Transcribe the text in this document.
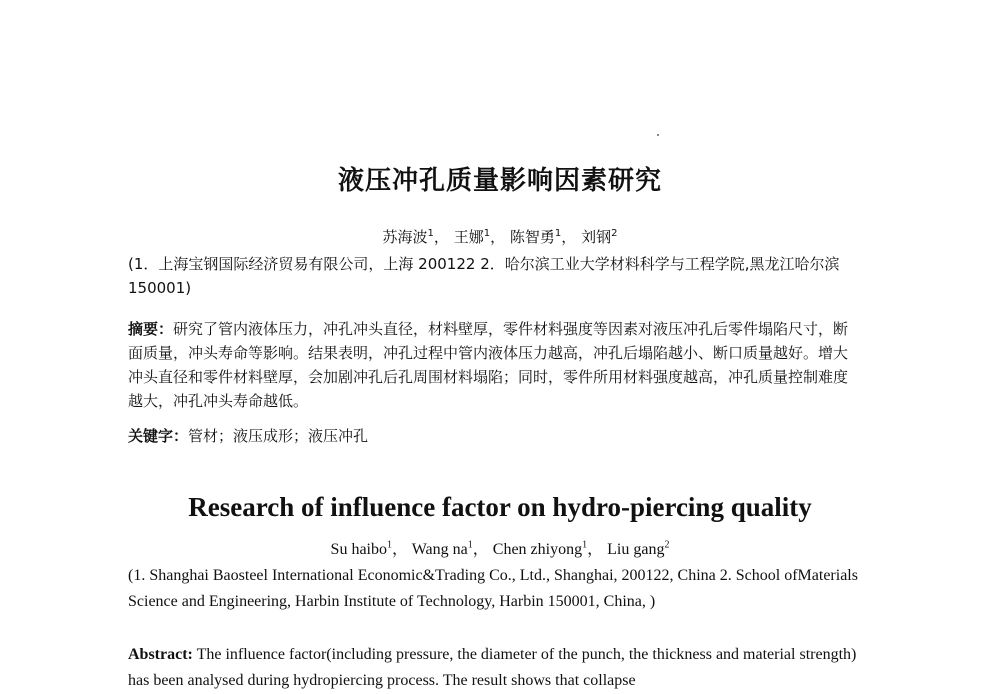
液压冲孔质量影响因素研究
苏海波$^1$， 王娜$^1$， 陈智勇$^1$， 刘钢$^2$
(1．上海宝钢国际经济贸易有限公司，上海 200122 2．哈尔滨工业大学材料科学与工程学院,黑龙江哈尔滨 150001)
摘要：研究了管内液体压力，冲孔冲头直径，材料壁厚，零件材料强度等因素对液压冲孔后零件塌陷尺寸，断面质量，冲头寿命等影响。结果表明，冲孔过程中管内液体压力越高，冲孔后塌陷越小、断口质量越好。增大冲头直径和零件材料壁厚，会加剧冲孔后孔周围材料塌陷；同时，零件所用材料强度越高，冲孔质量控制难度越大，冲孔冲头寿命越低。
关键字：管材；液压成形；液压冲孔
Research of influence factor on hydro-piercing quality
Su haibo$^1$， Wang $na^1$， Chen zhiyong$^1$， Liu gang$^2$
(1. Shanghai Baosteel International Economic&Trading Co., Ltd., Shanghai, 200122, China 2. School ofMaterials Science and Engineering, Harbin Institute of Technology, Harbin 150001, China, )
Abstract: The influence factor(including pressure, the diameter of the punch, the thickness and material strength) has been analysed during hydropiercing process. The result shows that collapse
